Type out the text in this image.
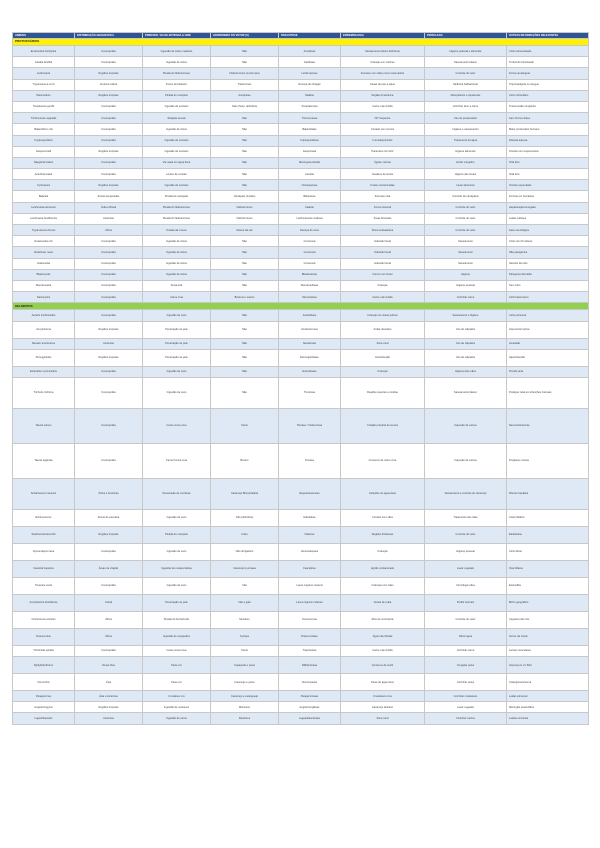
ANIMAIS	DISTRIBUIÇÃO GEOGRÁFICA	PRINCIPAL VIA DE ENTRADA & CIRE	HOSPEDEIRO DO VETOR (S)	PARASITOSE	EPIDEMIOLOGIA	PROFILAXIA	OUTRAS INFORMAÇÕES RELEVANTES
PROTOZOÁRIOS							
Entamoeba histolytica	Cosmopolita	Ingestão de cistos maduros	Não	Amebíase	Saneamento básico deficiente	Higiene pessoal e alimentar	Cisto tetranucleado
Giardia lamblia	Cosmopolita	Ingestão de cistos	Não	Giardíase	Crianças em creches	Saneamento básico	Trofozoíto binucleado
Leishmania	Regiões tropicais	Picada do flebotomíneo	Flebotomíneo (Lutzomyia)	Leishmaniose	Zoonose com cães como reservatório	Controle do vetor	Forma amastigota
Trypanosoma cruzi	América Latina	Fezes do barbeiro	Triatomíneo	Doença de Chagas	Casas de pau a pique	Melhoria habitacional	Tripomastigota no sangue
Plasmodium	Regiões tropicais	Picada do mosquito	Anopheles	Malária	Região Amazônica	Mosquiteiros e repelentes	Ciclo eritrocitário
Toxoplasma gondii	Cosmopolita	Ingestão de oocistos	Gato (hosp. definitivo)	Toxoplasmose	Carne mal cozida	Cozinhar bem a carne	Transmissão congênita
Trichomonas vaginalis	Cosmopolita	Relação sexual	Não	Tricomoníase	IST frequente	Uso de preservativo	Sem forma cística
Balantidium coli	Cosmopolita	Ingestão de cistos	Não	Balantidíase	Contato com suínos	Higiene e saneamento	Maior protozoário humano
Cryptosporidium	Cosmopolita	Ingestão de oocistos	Não	Criptosporidiose	Imunodeprimidos	Tratamento da água	Diarreia aquosa
Isospora belli	Regiões tropicais	Ingestão de oocistos	Não	Isosporíase	Pacientes com HIV	Higiene alimentar	Oocisto com esporocistos
Naegleria fowleri	Cosmopolita	Via nasal em água doce	Não	Meningoencefalite	Águas mornas	Evitar mergulho	Vida livre
Acanthamoeba	Cosmopolita	Lentes de contato	Não	Ceratite	Usuários de lentes	Higiene das lentes	Vida livre
Cyclospora	Regiões tropicais	Ingestão de oocistos	Não	Ciclosporíase	Frutas contaminadas	Lavar alimentos	Oocisto esporulado
Babesia	Zonas temperadas	Picada de carrapato	Carrapato (Ixodes)	Babesiose	Zoonose rara	Controle de carrapatos	Formas em hemácias
Leishmania donovani	Índia e Brasil	Picada do flebotomíneo	Flebotomíneo	Calazar	Forma visceral	Controle do vetor	Hepatoesplenomegalia
Leishmania braziliensis	Américas	Picada do flebotomíneo	Flebotomíneo	Leishmaniose cutânea	Áreas florestais	Controle do vetor	Lesão cutânea
Trypanosoma brucei	África	Picada da mosca	Mosca tsé-tsé	Doença do sono	África subsaariana	Controle do vetor	Fase neurológica
Entamoeba coli	Cosmopolita	Ingestão de cistos	Não	Comensal	Indicador fecal	Saneamento	Cisto com 8 núcleos
Endolimax nana	Cosmopolita	Ingestão de cistos	Não	Comensal	Indicador fecal	Saneamento	Não patogênica
Iodamoeba	Cosmopolita	Ingestão de cistos	Não	Comensal	Indicador fecal	Saneamento	Vacúolo de iodo
Blastocystis	Cosmopolita	Ingestão de cistos	Não	Blastocistose	Comum em fezes	Higiene	Patogenia discutida
Dientamoeba	Cosmopolita	Fecal-oral	Não	Dientamebíase	Crianças	Higiene pessoal	Sem cisto
Sarcocystis	Cosmopolita	Carne crua	Bovinos e suínos	Sarcocistose	Carne mal cozida	Cozinhar carne	Ciclo heteroxeno
HELMINTOS							
Ascaris lumbricoides	Cosmopolita	Ingestão de ovos	Não	Ascaridíase	Crianças em áreas pobres	Saneamento e higiene	Ciclo pulmonar
Ancylostoma	Regiões tropicais	Penetração na pele	Não	Ancilostomose	Andar descalço	Uso de calçados	Anemia ferropriva
Necator americanus	Américas	Penetração na pele	Não	Necatorose	Zona rural	Uso de calçados	Amarelão
Strongyloides	Regiões tropicais	Penetração na pele	Não	Estrongiloidíase	Autoinfecção	Uso de calçados	Hiperinfecção
Enterobius vermicularis	Cosmopolita	Ingestão de ovos	Não	Enterobíase	Crianças	Higiene das mãos	Prurido anal
Trichuris trichiura	Cosmopolita	Ingestão de ovos	Não	Tricuríase	Regiões quentes e úmidas	Saneamento básico	Prolapso retal em infecções intensas
Taenia solium	Cosmopolita	Carne suína crua	Suíno	Teníase / Cisticercose	Criação precária de suínos	Inspeção de carnes	Neurocisticercose
Taenia saginata	Cosmopolita	Carne bovina crua	Bovino	Teníase	Consumo de carne crua	Inspeção de carnes	Proglotes móveis
Schistosoma mansoni	África e Américas	Penetração de cercárias	Caramujo Biomphalaria	Esquistossomose	Coleções de água doce	Saneamento e controle do caramujo	Fibrose hepática
Echinococcus	Zonas de pecuária	Ingestão de ovos	Cão (definitivo)	Hidatidose	Contato com cães	Tratamento dos cães	Cisto hidático
Wuchereria bancrofti	Regiões tropicais	Picada do mosquito	Culex	Filariose	Regiões litorâneas	Controle do vetor	Elefantíase
Hymenolepis nana	Cosmopolita	Ingestão de ovos	Não obrigatório	Himenolepíase	Crianças	Higiene pessoal	Ciclo direto
Fasciola hepatica	Áreas de criação	Ingestão de metacercárias	Caramujo Lymnaea	Fasciolose	Agrião contaminado	Lavar vegetais	Vias biliares
Toxocara canis	Cosmopolita	Ingestão de ovos	Cão	Larva migrans visceral	Crianças com cães	Vermifugar cães	Eosinofilia
Ancylostoma braziliense	Litoral	Penetração na pele	Cão e gato	Larva migrans cutânea	Areias de praia	Proibir animais	Bicho geográfico
Onchocerca volvulus	África	Picada do borrachudo	Simulium	Oncocercose	Rios de correnteza	Controle do vetor	Cegueira dos rios
Dracunculus	África	Ingestão de copépodes	Cyclops	Dracunculíase	Água não filtrada	Filtrar água	Verme da Guiné
Trichinella spiralis	Cosmopolita	Carne suína crua	Suíno	Triquinelose	Carne mal cozida	Cozinhar carne	Larvas musculares
Diphyllobothrium	Zonas frias	Peixe cru	Copépode e peixe	Difilobotríase	Consumo de sushi	Congelar peixe	Anemia por vit. B12
Clonorchis	Ásia	Peixe cru	Caramujo e peixe	Clonorquíase	Peixe de água doce	Cozinhar peixe	Colangiocarcinoma
Paragonimus	Ásia e Américas	Crustáceo cru	Caramujo e caranguejo	Paragonimíase	Crustáceos crus	Cozinhar crustáceos	Lesão pulmonar
Angiostrongylus	Regiões tropicais	Ingestão de moluscos	Moluscos	Angiostrongilíase	Caramujo africano	Lavar vegetais	Meningite eosinofílica
Lagochilascaris	Américas	Ingestão de carne	Roedores	Lagoquilascaríase	Zona rural	Cozinhar carnes	Lesões cervicais
